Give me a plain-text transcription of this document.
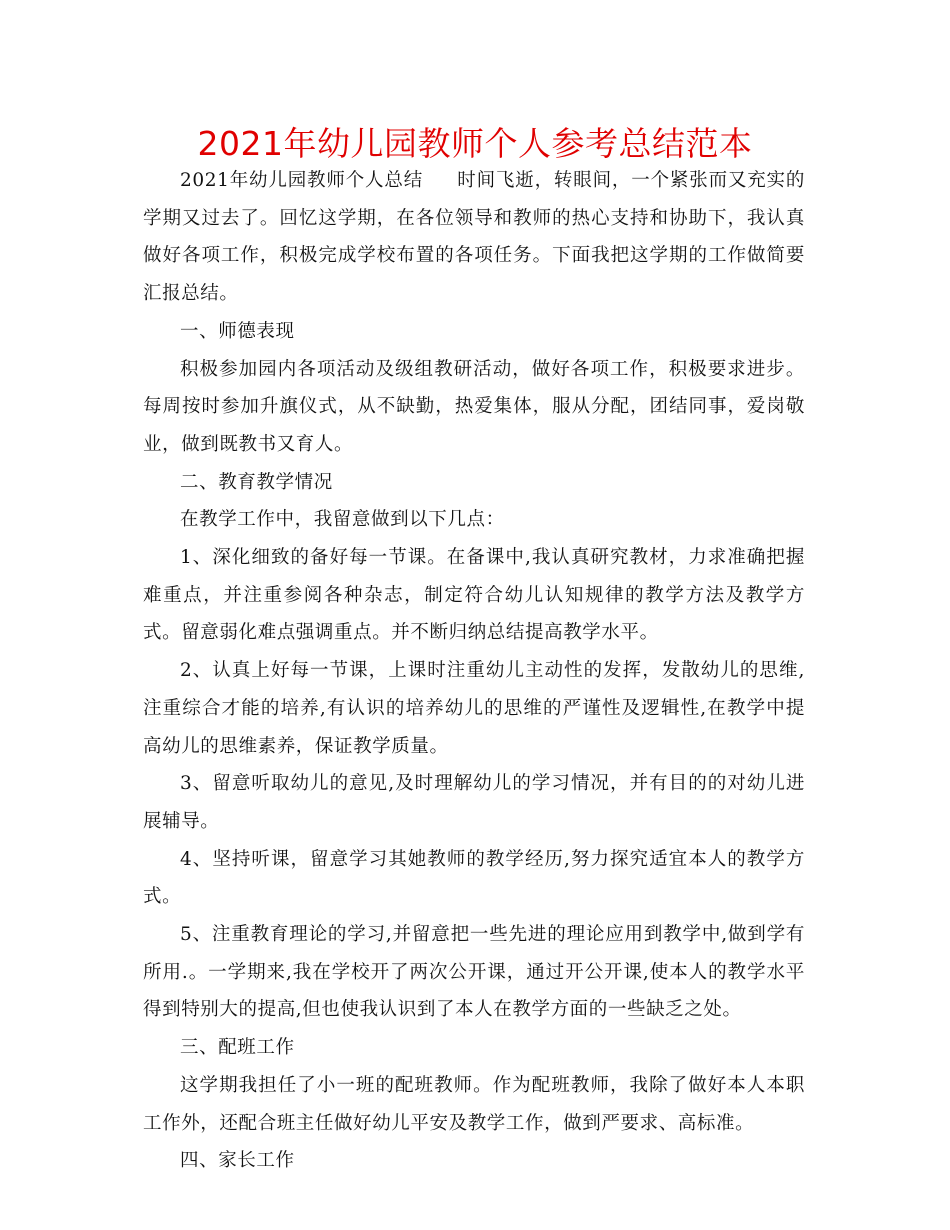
2021年幼儿园教师个人参考总结范本

2021年幼儿园教师个人总结 时间飞逝，转眼间，一个紧张而又充实的学期又过去了。回忆这学期，在各位领导和教师的热心支持和协助下，我认真做好各项工作，积极完成学校布置的各项任务。下面我把这学期的工作做简要汇报总结。

一、师德表现

积极参加园内各项活动及级组教研活动，做好各项工作，积极要求进步。每周按时参加升旗仪式，从不缺勤，热爱集体，服从分配，团结同事，爱岗敬业，做到既教书又育人。

二、教育教学情况

在教学工作中，我留意做到以下几点：

1、深化细致的备好每一节课。在备课中,我认真研究教材，力求准确把握难重点，并注重参阅各种杂志，制定符合幼儿认知规律的教学方法及教学方式。留意弱化难点强调重点。并不断归纳总结提高教学水平。

2、认真上好每一节课，上课时注重幼儿主动性的发挥，发散幼儿的思维,注重综合才能的培养,有认识的培养幼儿的思维的严谨性及逻辑性,在教学中提高幼儿的思维素养，保证教学质量。

3、留意听取幼儿的意见,及时理解幼儿的学习情况，并有目的的对幼儿进展辅导。

4、坚持听课，留意学习其她教师的教学经历,努力探究适宜本人的教学方式。

5、注重教育理论的学习,并留意把一些先进的理论应用到教学中,做到学有所用.。一学期来,我在学校开了两次公开课，通过开公开课,使本人的教学水平得到特别大的提高,但也使我认识到了本人在教学方面的一些缺乏之处。

三、配班工作

这学期我担任了小一班的配班教师。作为配班教师，我除了做好本人本职工作外，还配合班主任做好幼儿平安及教学工作，做到严要求、高标准。

四、家长工作
